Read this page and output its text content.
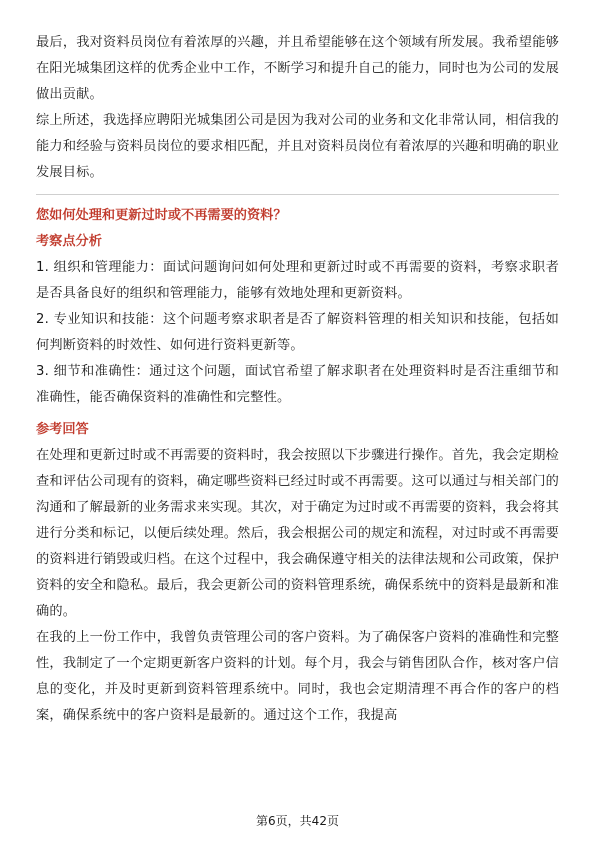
最后，我对资料员岗位有着浓厚的兴趣，并且希望能够在这个领域有所发展。我希望能够在阳光城集团这样的优秀企业中工作，不断学习和提升自己的能力，同时也为公司的发展做出贡献。

综上所述，我选择应聘阳光城集团公司是因为我对公司的业务和文化非常认同，相信我的能力和经验与资料员岗位的要求相匹配，并且对资料员岗位有着浓厚的兴趣和明确的职业发展目标。

您如何处理和更新过时或不再需要的资料？

考察点分析

1. 组织和管理能力：面试问题询问如何处理和更新过时或不再需要的资料，考察求职者是否具备良好的组织和管理能力，能够有效地处理和更新资料。

2. 专业知识和技能：这个问题考察求职者是否了解资料管理的相关知识和技能，包括如何判断资料的时效性、如何进行资料更新等。

3. 细节和准确性：通过这个问题，面试官希望了解求职者在处理资料时是否注重细节和准确性，能否确保资料的准确性和完整性。

参考回答

在处理和更新过时或不再需要的资料时，我会按照以下步骤进行操作。首先，我会定期检查和评估公司现有的资料，确定哪些资料已经过时或不再需要。这可以通过与相关部门的沟通和了解最新的业务需求来实现。其次，对于确定为过时或不再需要的资料，我会将其进行分类和标记，以便后续处理。然后，我会根据公司的规定和流程，对过时或不再需要的资料进行销毁或归档。在这个过程中，我会确保遵守相关的法律法规和公司政策，保护资料的安全和隐私。最后，我会更新公司的资料管理系统，确保系统中的资料是最新和准确的。

在我的上一份工作中，我曾负责管理公司的客户资料。为了确保客户资料的准确性和完整性，我制定了一个定期更新客户资料的计划。每个月，我会与销售团队合作，核对客户信息的变化，并及时更新到资料管理系统中。同时，我也会定期清理不再合作的客户的档案，确保系统中的客户资料是最新的。通过这个工作，我提高

第6页，共42页
